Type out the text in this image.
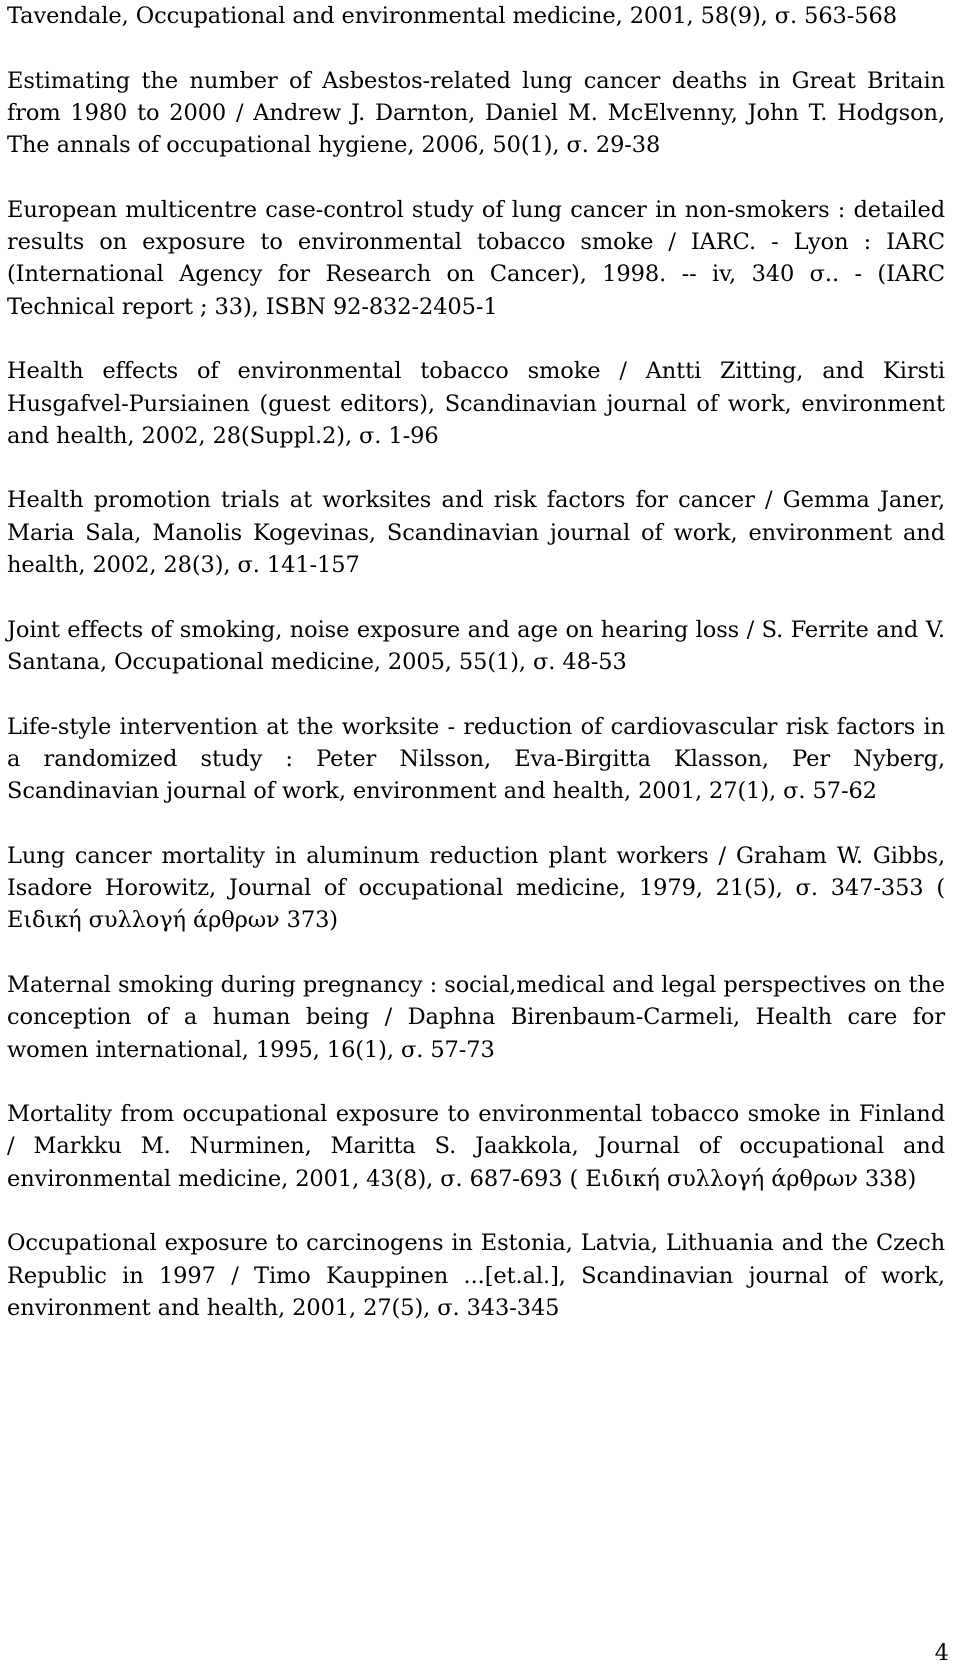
Tavendale, Occupational and environmental medicine, 2001, 58(9), σ. 563-568

Estimating the number of Asbestos-related lung cancer deaths in Great Britain from 1980 to 2000 / Andrew J. Darnton, Daniel M. McElvenny, John T. Hodgson, The annals of occupational hygiene, 2006, 50(1), σ. 29-38

European multicentre case-control study of lung cancer in non-smokers : detailed results on exposure to environmental tobacco smoke / IARC. - Lyon : IARC (International Agency for Research on Cancer), 1998. -- iv, 340 σ.. - (IARC Technical report ; 33), ISBN 92-832-2405-1

Health effects of environmental tobacco smoke / Antti Zitting, and Kirsti Husgafvel-Pursiainen (guest editors), Scandinavian journal of work, environment and health, 2002, 28(Suppl.2), σ. 1-96

Health promotion trials at worksites and risk factors for cancer / Gemma Janer, Maria Sala, Manolis Kogevinas, Scandinavian journal of work, environment and health, 2002, 28(3), σ. 141-157

Joint effects of smoking, noise exposure and age on hearing loss / S. Ferrite and V. Santana, Occupational medicine, 2005, 55(1), σ. 48-53

Life-style intervention at the worksite - reduction of cardiovascular risk factors in a randomized study : Peter Nilsson, Eva-Birgitta Klasson, Per Nyberg, Scandinavian journal of work, environment and health, 2001, 27(1), σ. 57-62

Lung cancer mortality in aluminum reduction plant workers / Graham W. Gibbs, Isadore Horowitz, Journal of occupational medicine, 1979, 21(5), σ. 347-353 ( Ειδική συλλογή άρθρων 373)

Maternal smoking during pregnancy : social,medical and legal perspectives on the conception of a human being / Daphna Birenbaum-Carmeli, Health care for women international, 1995, 16(1), σ. 57-73

Mortality from occupational exposure to environmental tobacco smoke in Finland / Markku M. Nurminen, Maritta S. Jaakkola, Journal of occupational and environmental medicine, 2001, 43(8), σ. 687-693 ( Ειδική συλλογή άρθρων 338)

Occupational exposure to carcinogens in Estonia, Latvia, Lithuania and the Czech Republic in 1997 / Timo Kauppinen ...[et.al.], Scandinavian journal of work, environment and health, 2001, 27(5), σ. 343-345

4
